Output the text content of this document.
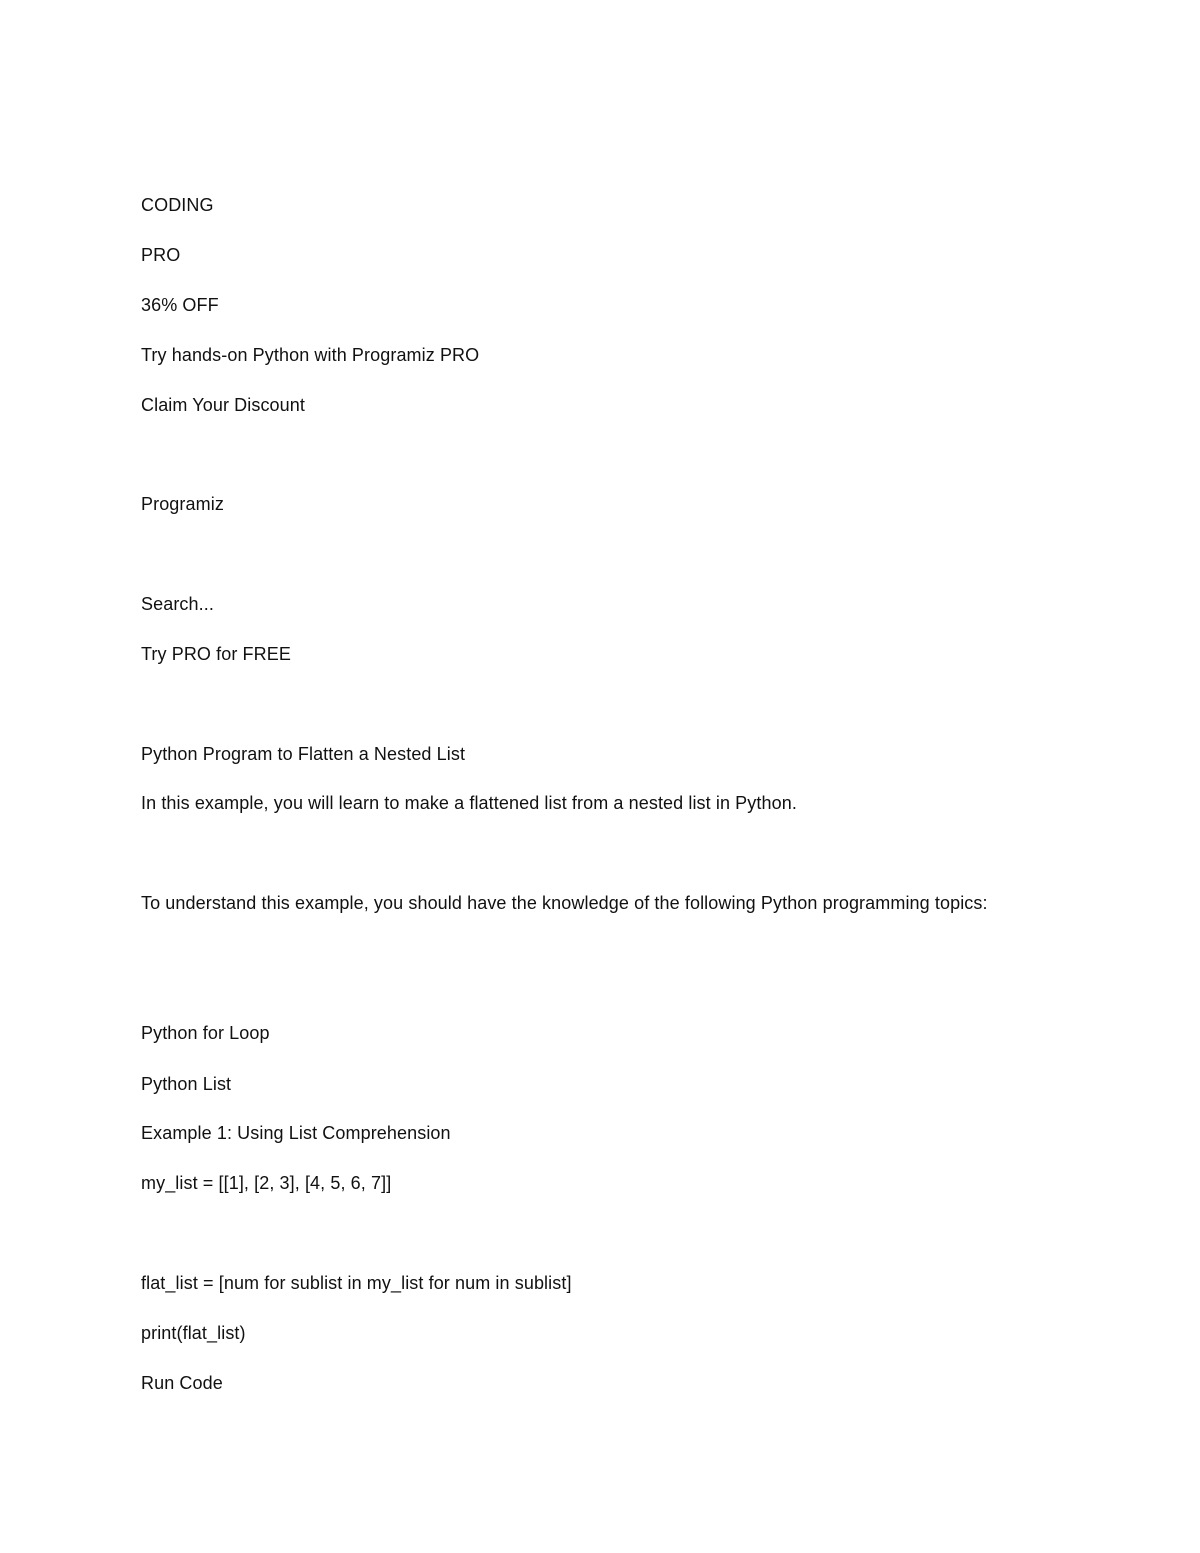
CODING
PRO
36% OFF
Try hands-on Python with Programiz PRO
Claim Your Discount
Programiz
Search...
Try PRO for FREE
Python Program to Flatten a Nested List
In this example, you will learn to make a flattened list from a nested list in Python.
To understand this example, you should have the knowledge of the following Python programming topics:
Python for Loop
Python List
Example 1: Using List Comprehension
my_list = [[1], [2, 3], [4, 5, 6, 7]]
flat_list = [num for sublist in my_list for num in sublist]
print(flat_list)
Run Code
